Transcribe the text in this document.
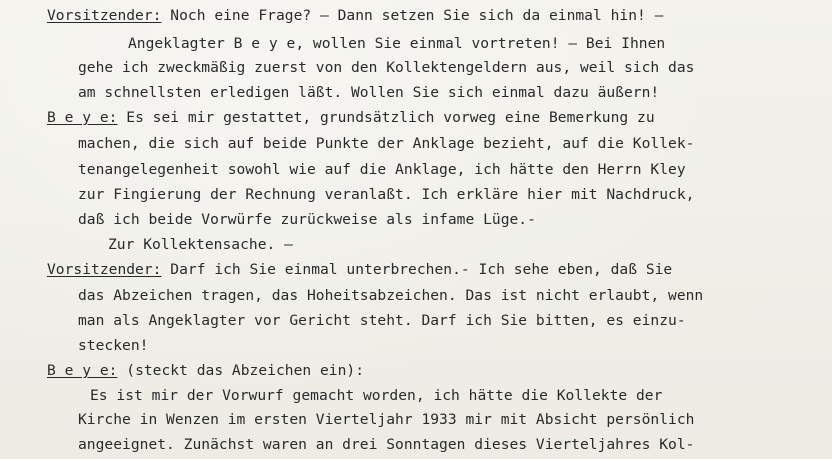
Vorsitzender: Noch eine Frage? – Dann setzen Sie sich da einmal hin! –
Angeklagter B e y e, wollen Sie einmal vortreten! – Bei Ihnen
gehe ich zweckmäßig zuerst von den Kollektengeldern aus, weil sich das
am schnellsten erledigen läßt. Wollen Sie sich einmal dazu äußern!
B e y e: Es sei mir gestattet, grundsätzlich vorweg eine Bemerkung zu
machen, die sich auf beide Punkte der Anklage bezieht, auf die Kollek-
tenangelegenheit sowohl wie auf die Anklage, ich hätte den Herrn Kley
zur Fingierung der Rechnung veranlaßt. Ich erkläre hier mit Nachdruck,
daß ich beide Vorwürfe zurückweise als infame Lüge.-
Zur Kollektensache. –
Vorsitzender: Darf ich Sie einmal unterbrechen.- Ich sehe eben, daß Sie
das Abzeichen tragen, das Hoheitsabzeichen. Das ist nicht erlaubt, wenn
man als Angeklagter vor Gericht steht. Darf ich Sie bitten, es einzu-
stecken!
B e y e: (steckt das Abzeichen ein):
Es ist mir der Vorwurf gemacht worden, ich hätte die Kollekte der
Kirche in Wenzen im ersten Vierteljahr 1933 mir mit Absicht persönlich
angeeignet. Zunächst waren an drei Sonntagen dieses Vierteljahres Kol-
